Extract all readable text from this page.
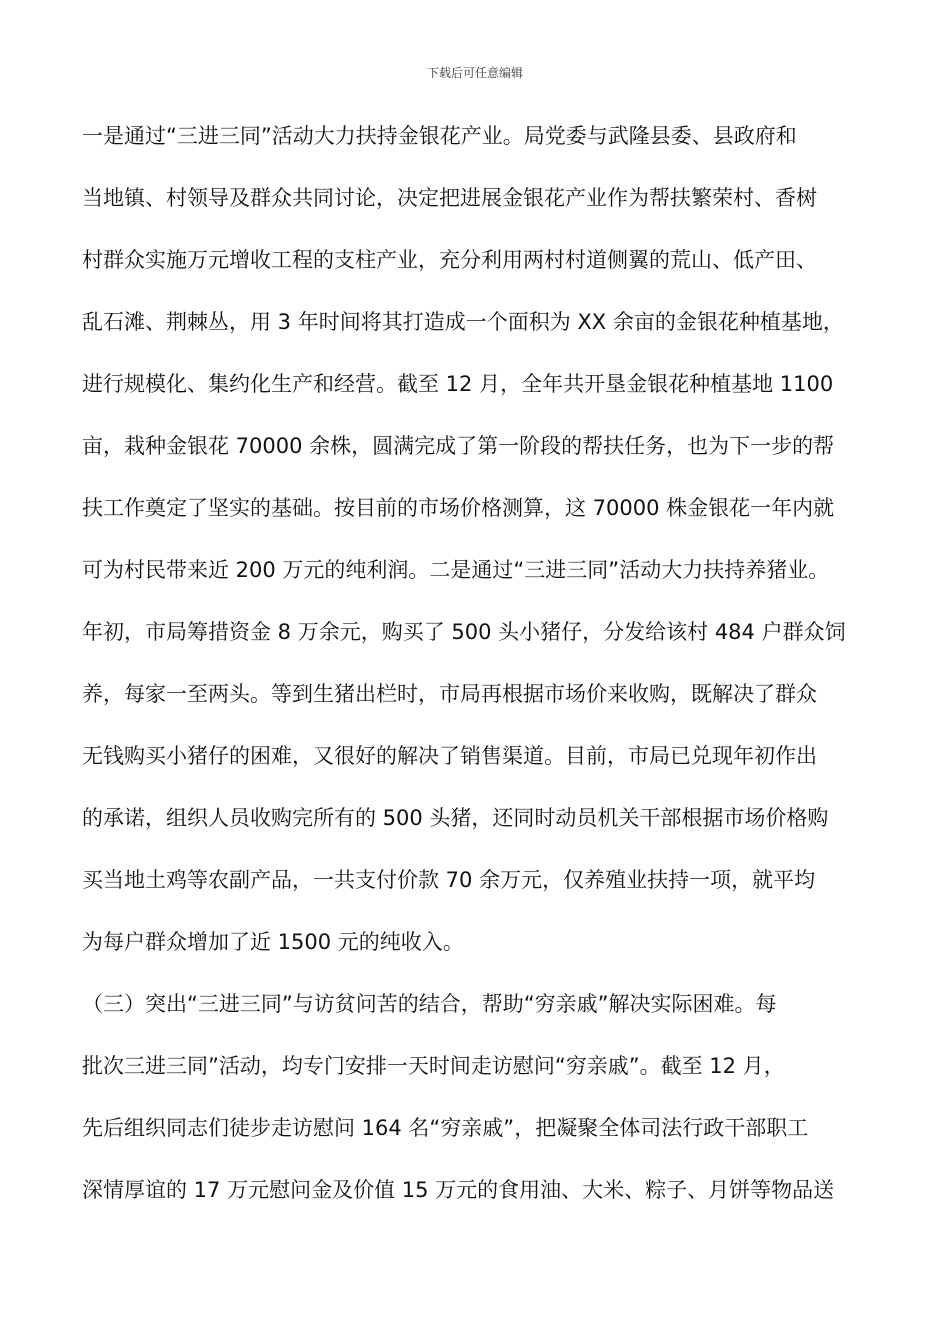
下载后可任意编辑
一是通过“三进三同”活动大力扶持金银花产业。局党委与武隆县委、县政府和
当地镇、村领导及群众共同讨论，决定把进展金银花产业作为帮扶繁荣村、香树
村群众实施万元增收工程的支柱产业，充分利用两村村道侧翼的荒山、低产田、
乱石滩、荆棘丛，用 3 年时间将其打造成一个面积为 XX 余亩的金银花种植基地，
进行规模化、集约化生产和经营。截至 12 月，全年共开垦金银花种植基地 1100
亩，栽种金银花 70000 余株，圆满完成了第一阶段的帮扶任务，也为下一步的帮
扶工作奠定了坚实的基础。按目前的市场价格测算，这 70000 株金银花一年内就
可为村民带来近 200 万元的纯利润。二是通过“三进三同”活动大力扶持养猪业。
年初，市局筹措资金 8 万余元，购买了 500 头小猪仔，分发给该村 484 户群众饲
养，每家一至两头。等到生猪出栏时，市局再根据市场价来收购，既解决了群众
无钱购买小猪仔的困难，又很好的解决了销售渠道。目前，市局已兑现年初作出
的承诺，组织人员收购完所有的 500 头猪，还同时动员机关干部根据市场价格购
买当地土鸡等农副产品，一共支付价款 70 余万元，仅养殖业扶持一项，就平均
为每户群众增加了近 1500 元的纯收入。
（三）突出“三进三同”与访贫问苦的结合，帮助“穷亲戚”解决实际困难。每
批次三进三同”活动，均专门安排一天时间走访慰问“穷亲戚”。截至 12 月，
先后组织同志们徒步走访慰问 164 名“穷亲戚”，把凝聚全体司法行政干部职工
深情厚谊的 17 万元慰问金及价值 15 万元的食用油、大米、粽子、月饼等物品送
